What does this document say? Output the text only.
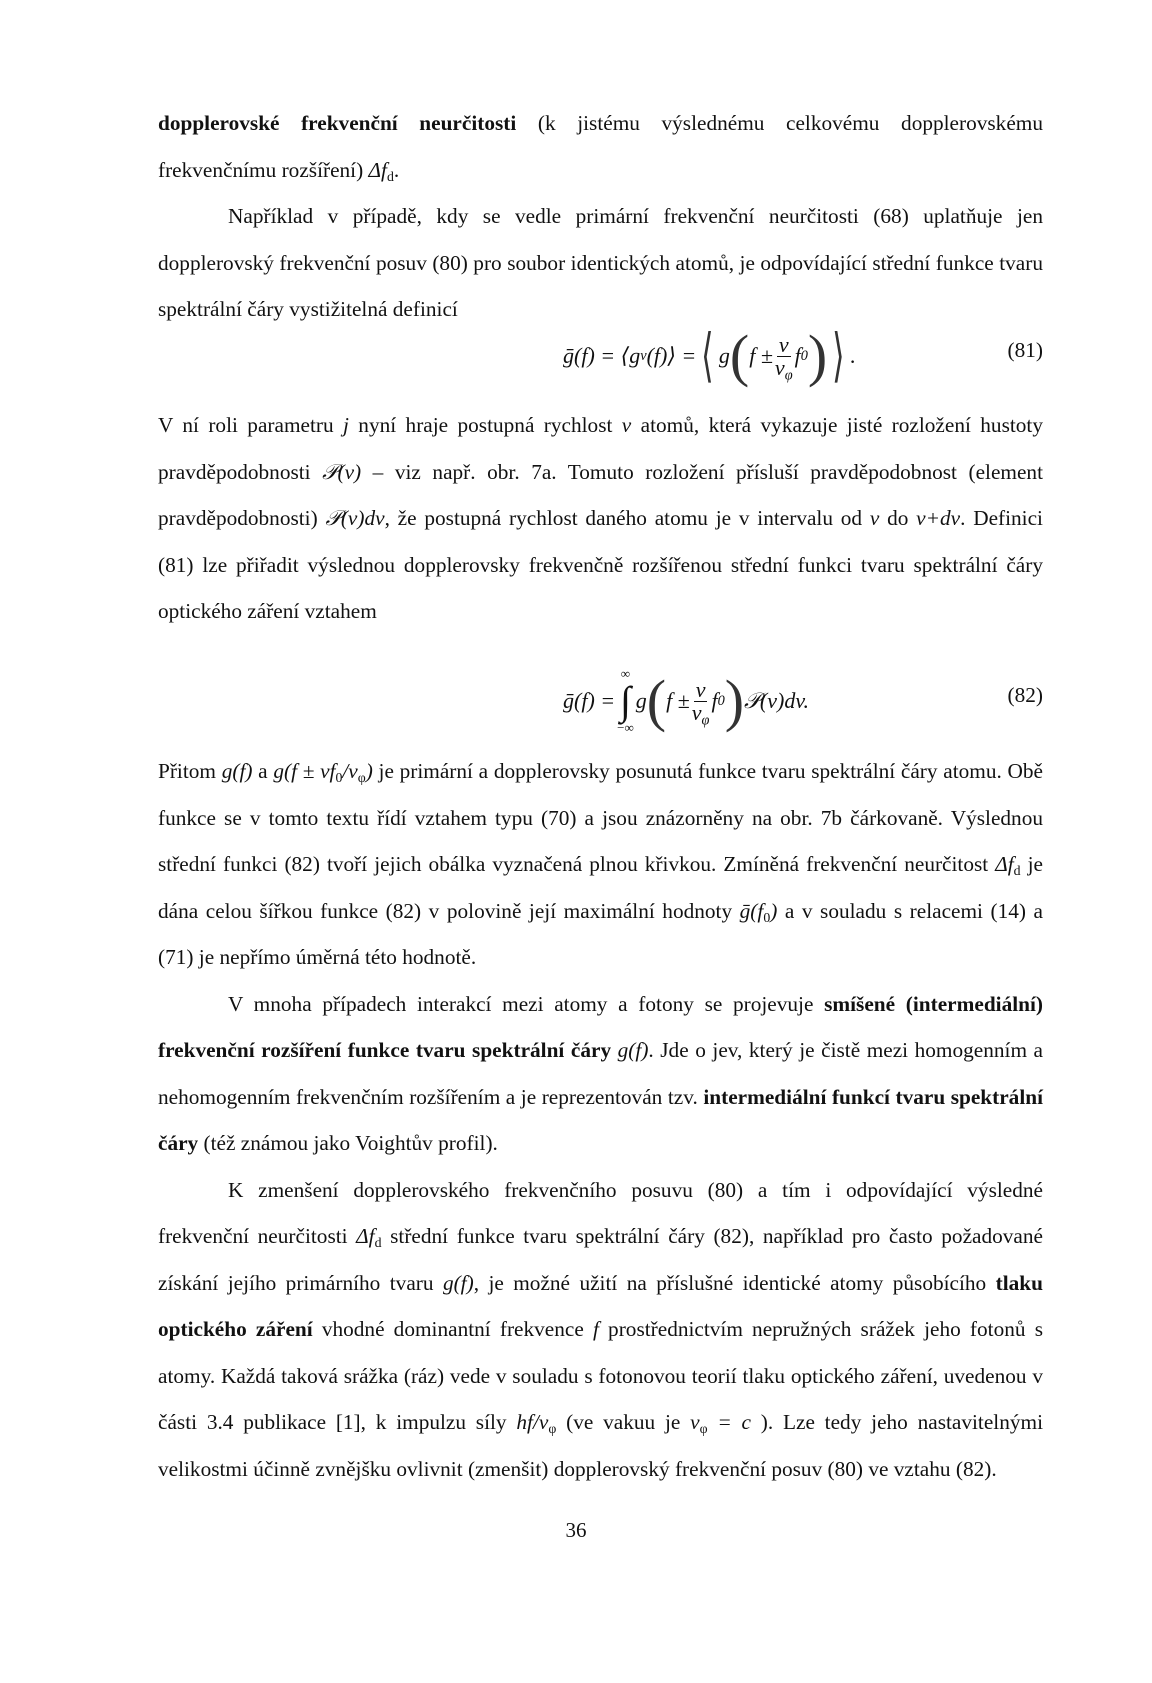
dopplerovské frekvenční neurčitosti (k jistému výslednému celkovému dopplerovskému frekvenčnímu rozšíření) $\Delta f_d$.

Například v případě, kdy se vedle primární frekvenční neurčitosti (68) uplatňuje jen dopplerovský frekvenční posuv (80) pro soubor identických atomů, je odpovídající střední funkce tvaru spektrální čáry vystižitelná definicí

ḡ(f) = ⟨g v (f)⟩ = ⟨ g ( $f \pm \frac{v}{v_\varphi}$ f 0 ) ⟩ .	(81)

V ní roli parametru j nyní hraje postupná rychlost v atomů, která vykazuje jisté rozložení hustoty pravděpodobnosti 𝒫(v) – viz např. obr. 7a. Tomuto rozložení přísluší pravděpodobnost (element pravděpodobnosti) 𝒫(v)dv, že postupná rychlost daného atomu je v intervalu od v do v+dv. Definici (81) lze přiřadit výslednou dopplerovsky frekvenčně rozšířenou střední funkci tvaru spektrální čáry optického záření vztahem

ḡ(f) =
∞
∫
−∞
g ( $f \pm \frac{v}{v_\varphi}$ f 0 ) 𝒫(v)dv.	(82)

Přitom g(f) a $g(f \pm vf_0/v_\varphi)$ je primární a dopplerovsky posunutá funkce tvaru spektrální čáry atomu. Obě funkce se v tomto textu řídí vztahem typu (70) a jsou znázorněny na obr. 7b čárkovaně. Výslednou střední funkci (82) tvoří jejich obálka vyznačená plnou křivkou. Zmíněná frekvenční neurčitost $\Delta f_d$ je dána celou šířkou funkce (82) v polovině její maximální hodnoty $ḡ(f_0)$ a v souladu s relacemi (14) a (71) je nepřímo úměrná této hodnotě.

V mnoha případech interakcí mezi atomy a fotony se projevuje smíšené (intermediální) frekvenční rozšíření funkce tvaru spektrální čáry g(f). Jde o jev, který je čistě mezi homogenním a nehomogenním frekvenčním rozšířením a je reprezentován tzv. intermediální funkcí tvaru spektrální čáry (též známou jako Voightův profil).

K zmenšení dopplerovského frekvenčního posuvu (80) a tím i odpovídající výsledné frekvenční neurčitosti $\Delta f_d$ střední funkce tvaru spektrální čáry (82), například pro často požadované získání jejího primárního tvaru g(f), je možné užití na příslušné identické atomy působícího tlaku optického záření vhodné dominantní frekvence f prostřednictvím nepružných srážek jeho fotonů s atomy. Každá taková srážka (ráz) vede v souladu s fotonovou teorií tlaku optického záření, uvedenou v části 3.4 publikace [1], k impulzu síly $hf/v_\varphi$ (ve vakuu je $v_\varphi = c$ ). Lze tedy jeho nastavitelnými velikostmi účinně zvnějšku ovlivnit (zmenšit) dopplerovský frekvenční posuv (80) ve vztahu (82).

36
